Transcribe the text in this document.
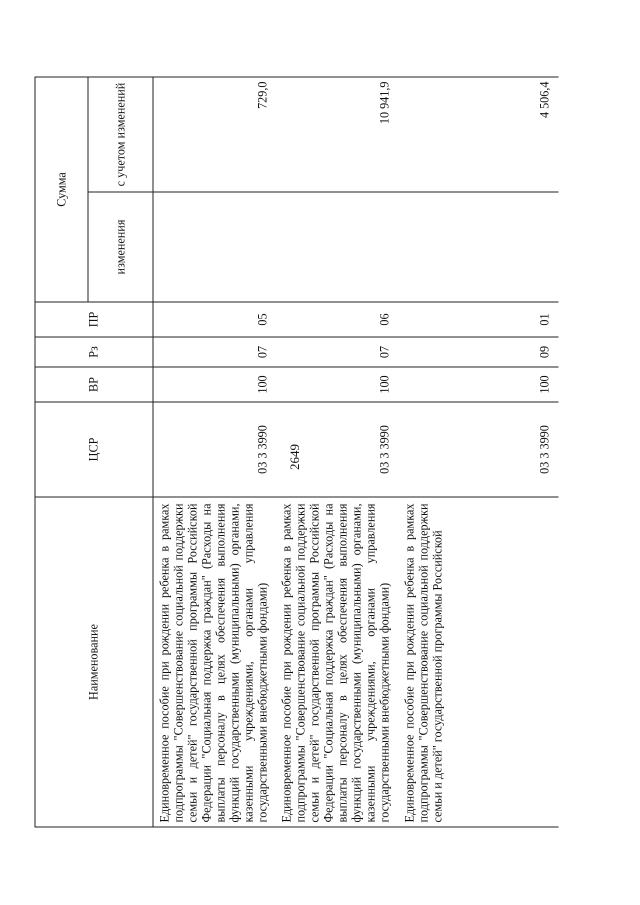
2649
Наименование	ЦСР	ВР	Рз	ПР	Сумма	
					изменения	с учетом изменений
Единовременное пособие при рождении ребенка в рамках подпрограммы "Совершенствование социальной поддержки семьи и детей" государственной программы Российской Федерации "Социальная поддержка граждан" (Расходы на выплаты персоналу в целях обеспечения выполнения функций государственными (муниципальными) органами, казенными учреждениями, органами управления государственными внебюджетными фондами)	03 3 3990	100	07	05		729,0
Единовременное пособие при рождении ребенка в рамках подпрограммы "Совершенствование социальной поддержки семьи и детей" государственной программы Российской Федерации "Социальная поддержка граждан" (Расходы на выплаты персоналу в целях обеспечения выполнения функций государственными (муниципальными) органами, казенными учреждениями, органами управления государственными внебюджетными фондами)	03 3 3990	100	07	06		10 941,9
Единовременное пособие при рождении ребенка в рамках подпрограммы "Совершенствование социальной поддержки семьи и детей" государственной программы Российской	03 3 3990	100	09	01		4 506,4
